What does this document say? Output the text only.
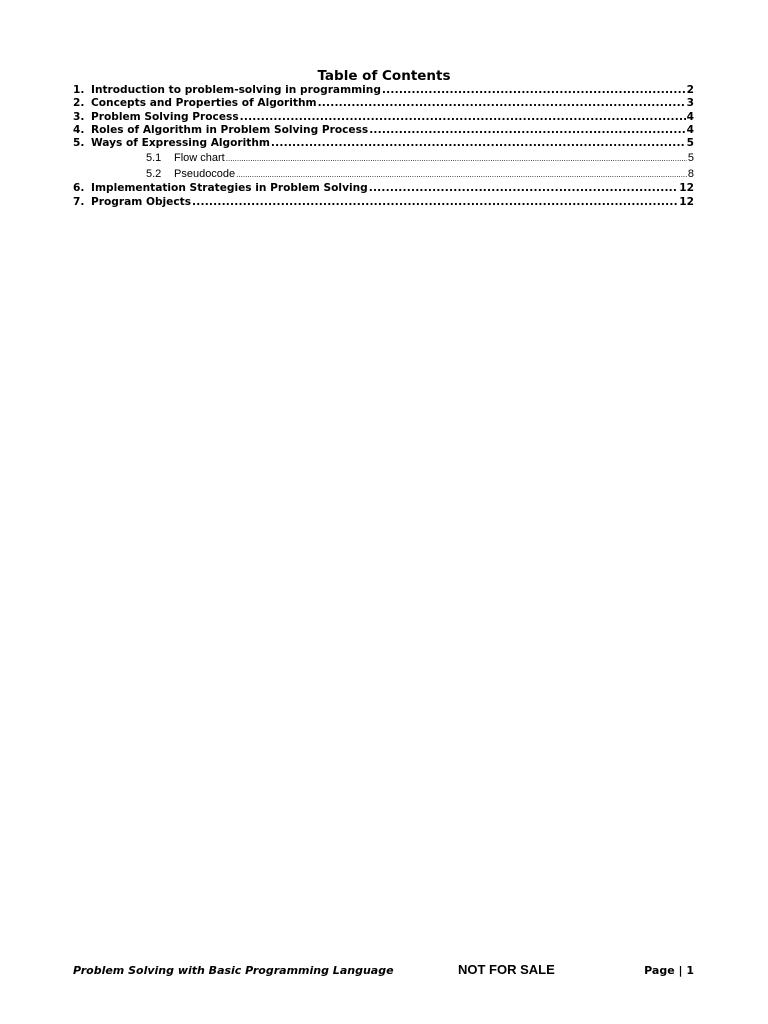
Table of Contents
1. Introduction to problem-solving in programming .....	2
2. Concepts and Properties of Algorithm .....	3
3. Problem Solving Process .....	4
4. Roles of Algorithm in Problem Solving Process .....	4
5. Ways of Expressing Algorithm .....	5
5.1	Flow chart .....	5
5.2	Pseudocode .....	8
6. Implementation Strategies in Problem Solving .....	12
7. Program Objects .....	12
Problem Solving with Basic Programming Language	NOT FOR SALE	Page | 1
